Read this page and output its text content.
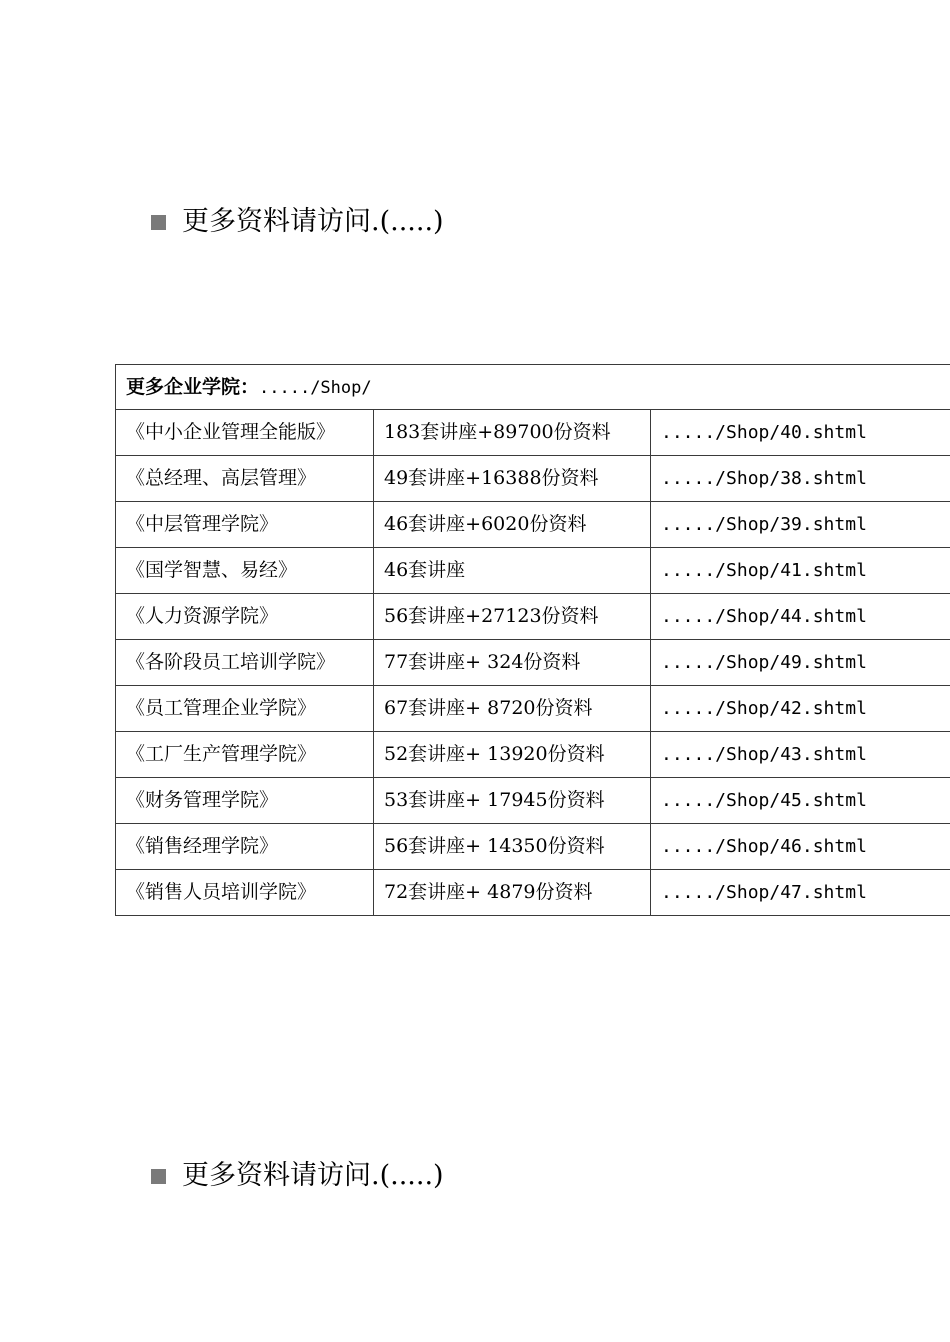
更多资料请访问.(.....)
更多企业学院：...../Shop/		
《中小企业管理全能版》	183套讲座+89700份资料	...../Shop/40.shtml
《总经理、高层管理》	49套讲座+16388份资料	...../Shop/38.shtml
《中层管理学院》	46套讲座+6020份资料	...../Shop/39.shtml
《国学智慧、易经》	46套讲座	...../Shop/41.shtml
《人力资源学院》	56套讲座+27123份资料	...../Shop/44.shtml
《各阶段员工培训学院》	77套讲座+ 324份资料	...../Shop/49.shtml
《员工管理企业学院》	67套讲座+ 8720份资料	...../Shop/42.shtml
《工厂生产管理学院》	52套讲座+ 13920份资料	...../Shop/43.shtml
《财务管理学院》	53套讲座+ 17945份资料	...../Shop/45.shtml
《销售经理学院》	56套讲座+ 14350份资料	...../Shop/46.shtml
《销售人员培训学院》	72套讲座+ 4879份资料	...../Shop/47.shtml
更多资料请访问.(.....)
